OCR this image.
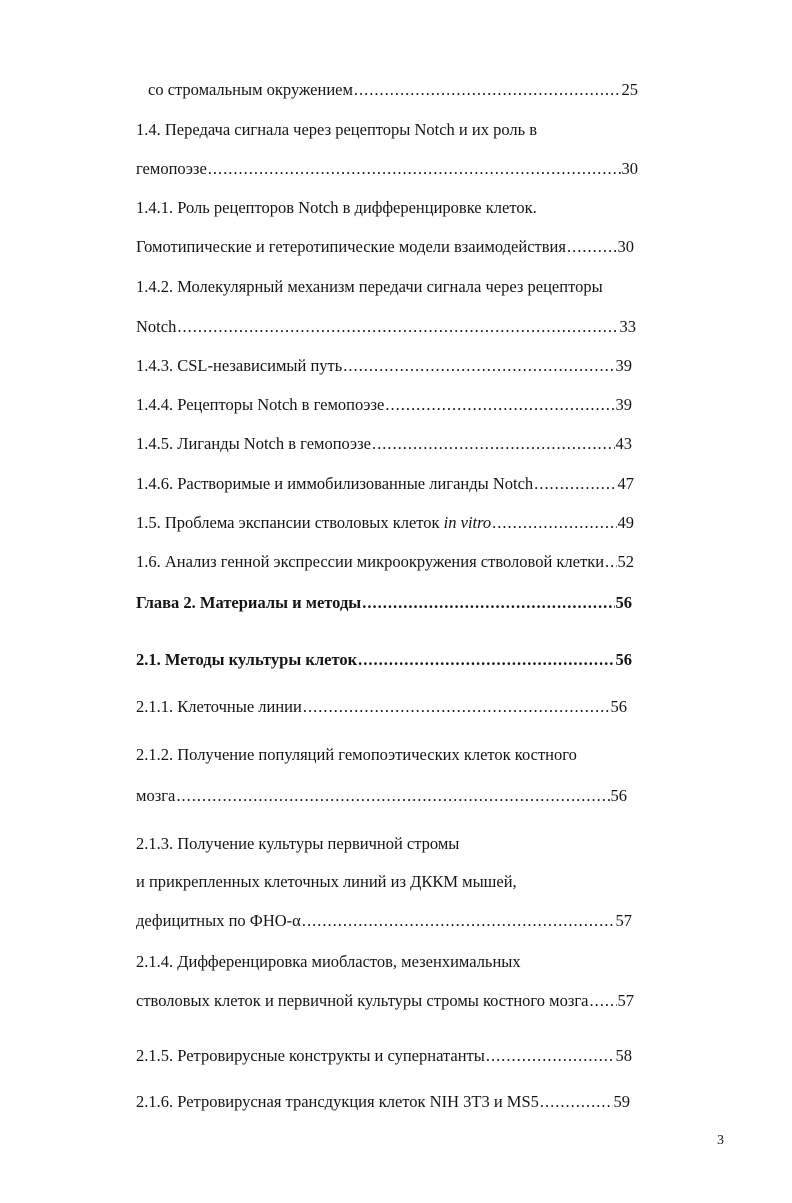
со стромальным окружением .....	25
1.4. Передача сигнала через рецепторы Notch и их роль в
гемопоэзе .....	30
1.4.1. Роль рецепторов Notch в дифференцировке клеток.
Гомотипические и гетеротипические модели взаимодействия .....	30
1.4.2. Молекулярный механизм передачи сигнала через рецепторы
Notch .....	33
1.4.3. CSL-независимый путь .....	39
1.4.4. Рецепторы Notch в гемопоэзе .....	39
1.4.5. Лиганды Notch в гемопоэзе .....	43
1.4.6. Растворимые и иммобилизованные лиганды Notch .....	47
1.5. Проблема экспансии стволовых клеток in vitro .....	49
1.6. Анализ генной экспрессии микроокружения стволовой клетки ..... 52
Глава 2. Материалы и методы .....	56
2.1. Методы культуры клеток .....	56
2.1.1. Клеточные линии .....	56
2.1.2. Получение популяций гемопоэтических клеток костного
мозга .....	56
2.1.3. Получение культуры первичной стромы
и прикрепленных клеточных линий из ДККМ мышей,
дефицитных по ФНО-α .....	57
2.1.4. Дифференцировка миобластов, мезенхимальных
стволовых клеток и первичной культуры стромы костного мозга ..... 57
2.1.5. Ретровирусные конструкты и супернатанты .....	58
2.1.6. Ретровирусная трансдукция клеток NIH 3T3 и MS5 .....	59
3
